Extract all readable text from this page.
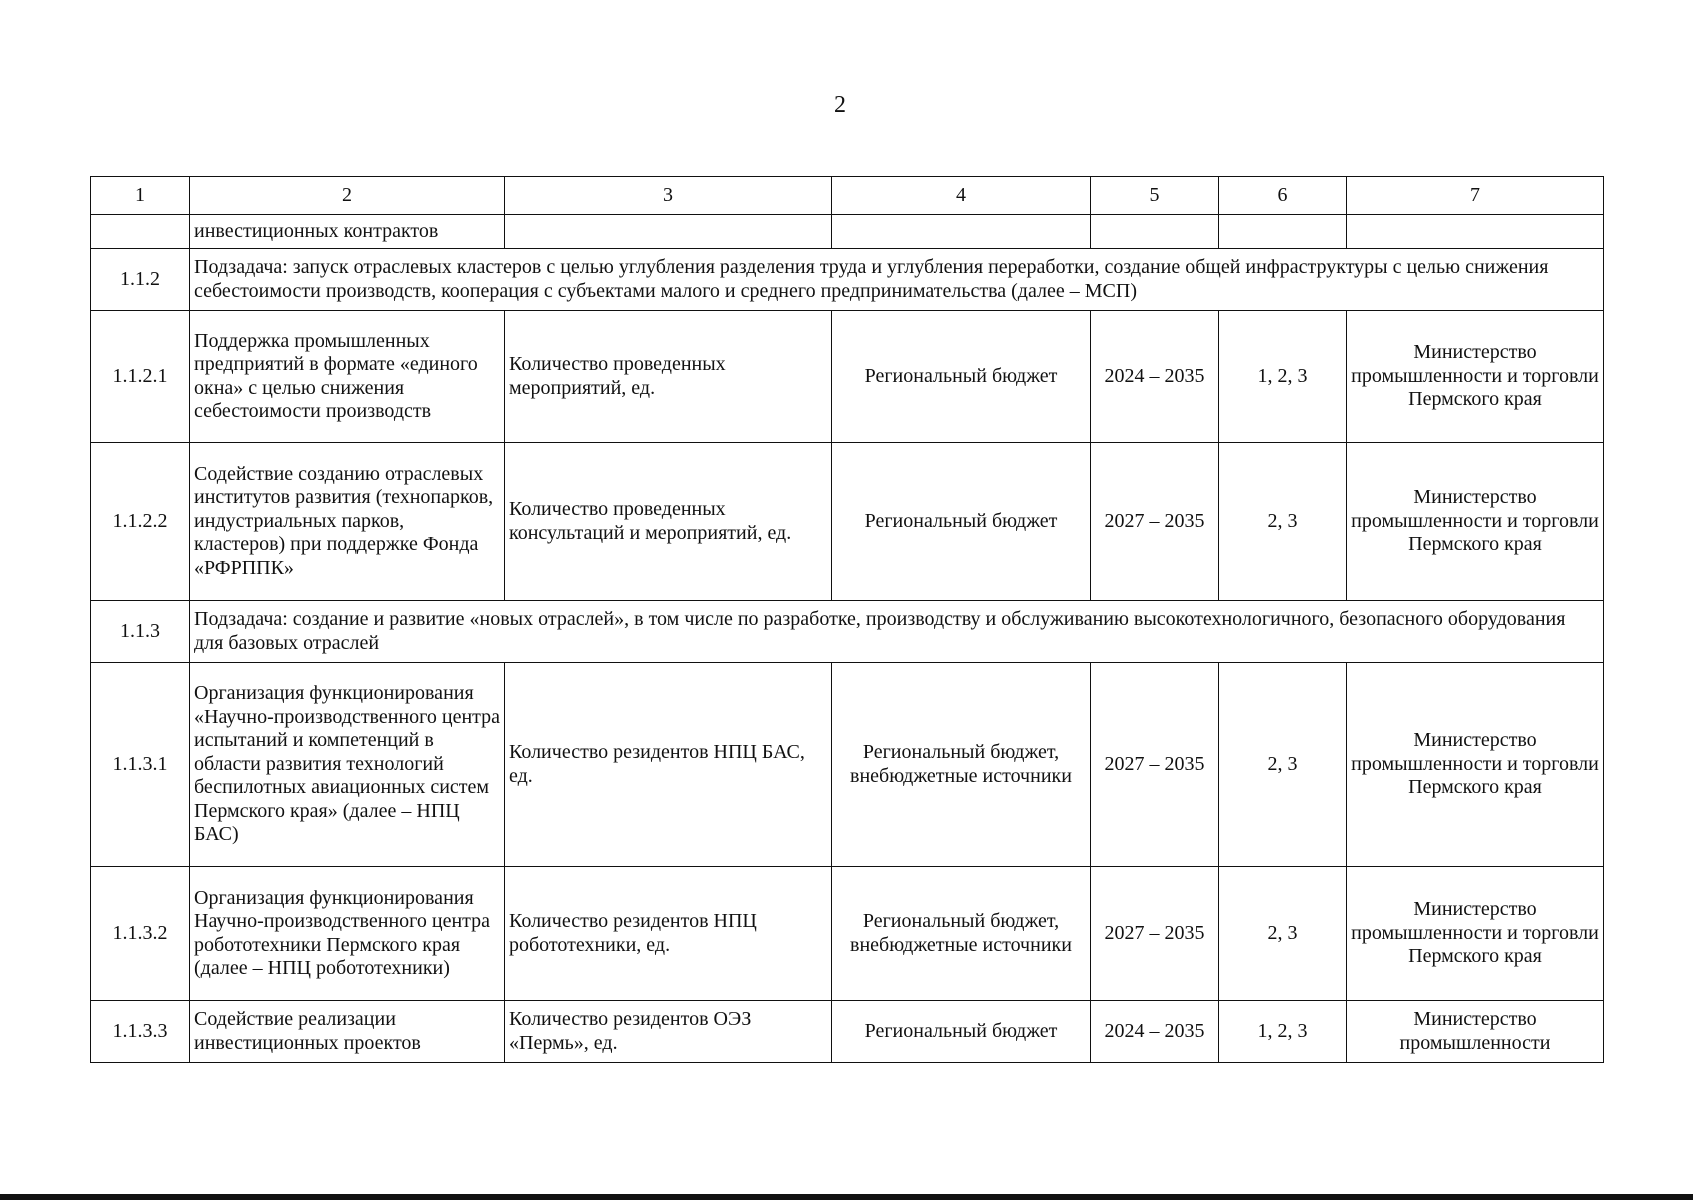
2
1	2	3	4	5	6	7
	инвестиционных контрактов					
1.1.2	Подзадача: запуск отраслевых кластеров с целью углубления разделения труда и углубления переработки, создание общей инфраструктуры с целью снижения себестоимости производств, кооперация с субъектами малого и среднего предпринимательства (далее – МСП)					
1.1.2.1	Поддержка промышленных предприятий в формате «единого окна» с целью снижения себестоимости производств	Количество проведенных мероприятий, ед.	Региональный бюджет	2024 – 2035	1, 2, 3	Министерство промышленности и торговли Пермского края
1.1.2.2	Содействие созданию отраслевых институтов развития (технопарков, индустриальных парков, кластеров) при поддержке Фонда «РФРППК»	Количество проведенных консультаций и мероприятий, ед.	Региональный бюджет	2027 – 2035	2, 3	Министерство промышленности и торговли Пермского края
1.1.3	Подзадача: создание и развитие «новых отраслей», в том числе по разработке, производству и обслуживанию высокотехнологичного, безопасного оборудования для базовых отраслей					
1.1.3.1	Организация функционирования «Научно-производственного центра испытаний и компетенций в области развития технологий беспилотных авиационных систем Пермского края» (далее – НПЦ БАС)	Количество резидентов НПЦ БАС, ед.	Региональный бюджет, внебюджетные источники	2027 – 2035	2, 3	Министерство промышленности и торговли Пермского края
1.1.3.2	Организация функционирования Научно-производственного центра робототехники Пермского края (далее – НПЦ робототехники)	Количество резидентов НПЦ робототехники, ед.	Региональный бюджет, внебюджетные источники	2027 – 2035	2, 3	Министерство промышленности и торговли Пермского края
1.1.3.3	Содействие реализации инвестиционных проектов	Количество резидентов ОЭЗ «Пермь», ед.	Региональный бюджет	2024 – 2035	1, 2, 3	Министерство промышленности
